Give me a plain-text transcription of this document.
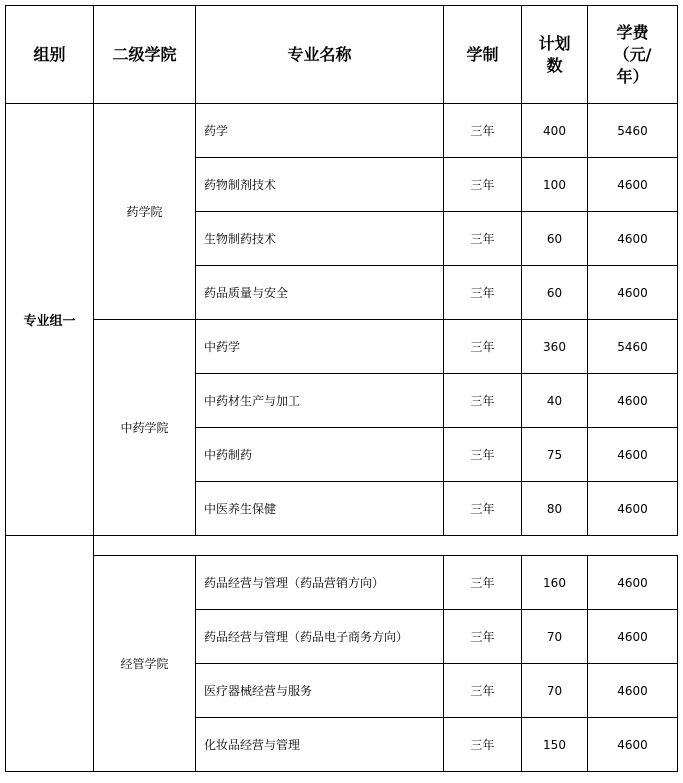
组别	二级学院	专业名称	学制	计划数	学费（元/年）
专业组一	药学院	药学	三年	400	5460
		药物制剂技术	三年	100	4600
		生物制药技术	三年	60	4600
		药品质量与安全	三年	60	4600
	中药学院	中药学	三年	360	5460
		中药材生产与加工	三年	40	4600
		中药制药	三年	75	4600
		中医养生保健	三年	80	4600

	经管学院	药品经营与管理（药品营销方向）	三年	160	4600
		药品经营与管理（药品电子商务方向）	三年	70	4600
		医疗器械经营与服务	三年	70	4600
		化妆品经营与管理	三年	150	4600
